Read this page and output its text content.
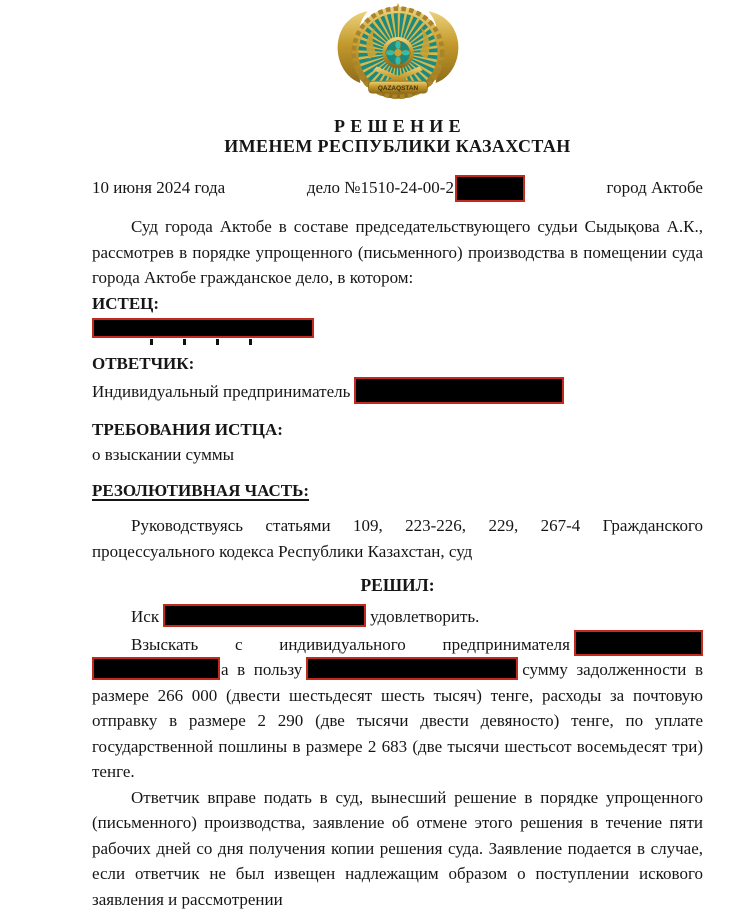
QAZAQSTAN
Р Е Ш Е Н И Е
ИМЕНЕМ РЕСПУБЛИКИ КАЗАХСТАН
10 июня 2024 года	дело №1510-24-00-2	город Актобе

Суд города Актобе в составе председательствующего судьи Сыдықова А.К., рассмотрев в порядке упрощенного (письменного) производства в помещении суда города Актобе гражданское дело, в котором:

ИСТЕЦ:
ОТВЕТЧИК:
Индивидуальный предприниматель
ТРЕБОВАНИЯ ИСТЦА:
о взыскании суммы
РЕЗОЛЮТИВНАЯ ЧАСТЬ:

Руководствуясь статьями 109, 223-226, 229, 267-4 Гражданского процессуального кодекса Республики Казахстан, суд

РЕШИЛ:

Иск	удовлетворить.

Взыскать с индивидуального предпринимателя а в пользу	сумму задолженности в размере 266 000 (двести шестьдесят шесть тысяч) тенге, расходы за почтовую отправку в размере 2 290 (две тысячи двести девяносто) тенге, по уплате государственной пошлины в размере 2 683 (две тысячи шестьсот восемьдесят три) тенге.

Ответчик вправе подать в суд, вынесший решение в порядке упрощенного (письменного) производства, заявление об отмене этого решения в течение пяти рабочих дней со дня получения копии решения суда. Заявление подается в случае, если ответчик не был извещен надлежащим образом о поступлении искового заявления и рассмотрении
